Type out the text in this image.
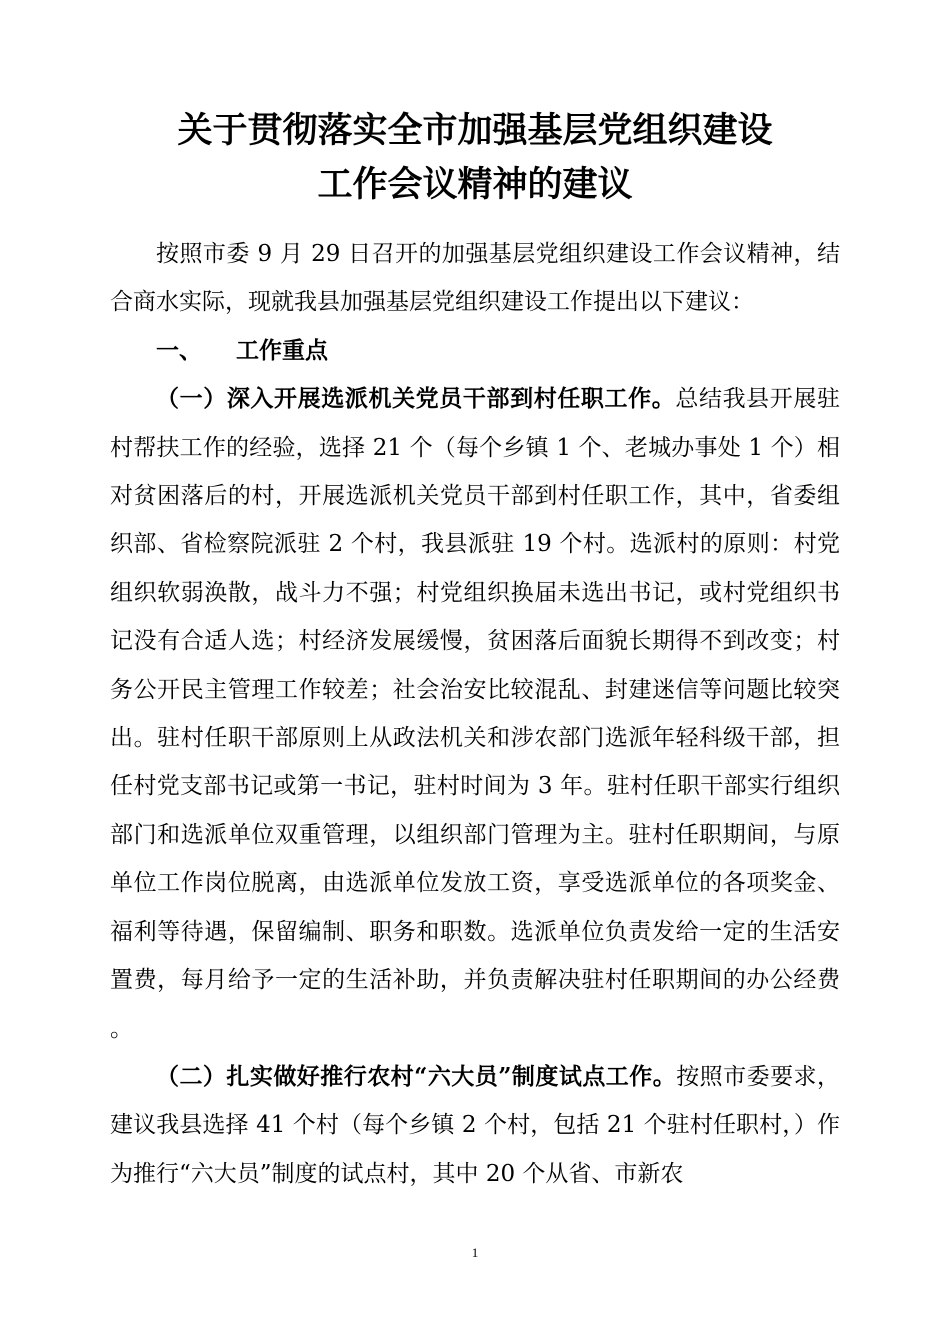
关于贯彻落实全市加强基层党组织建设
工作会议精神的建议

按照市委 9 月 29 日召开的加强基层党组织建设工作会议精神，结合商水实际，现就我县加强基层党组织建设工作提出以下建议：

一、 工作重点

（一）深入开展选派机关党员干部到村任职工作。总结我县开展驻村帮扶工作的经验，选择 21 个（每个乡镇 1 个、老城办事处 1 个）相对贫困落后的村，开展选派机关党员干部到村任职工作，其中，省委组织部、省检察院派驻 2 个村，我县派驻 19 个村。选派村的原则：村党组织软弱涣散，战斗力不强；村党组织换届未选出书记，或村党组织书记没有合适人选；村经济发展缓慢，贫困落后面貌长期得不到改变；村务公开民主管理工作较差；社会治安比较混乱、封建迷信等问题比较突出。驻村任职干部原则上从政法机关和涉农部门选派年轻科级干部，担任村党支部书记或第一书记，驻村时间为 3 年。驻村任职干部实行组织部门和选派单位双重管理，以组织部门管理为主。驻村任职期间，与原单位工作岗位脱离，由选派单位发放工资，享受选派单位的各项奖金、福利等待遇，保留编制、职务和职数。选派单位负责发给一定的生活安置费，每月给予一定的生活补助，并负责解决驻村任职期间的办公经费。

（二）扎实做好推行农村“六大员”制度试点工作。按照市委要求，建议我县选择 41 个村（每个乡镇 2 个村，包括 21 个驻村任职村，）作为推行“六大员”制度的试点村，其中 20 个从省、市新农

1
